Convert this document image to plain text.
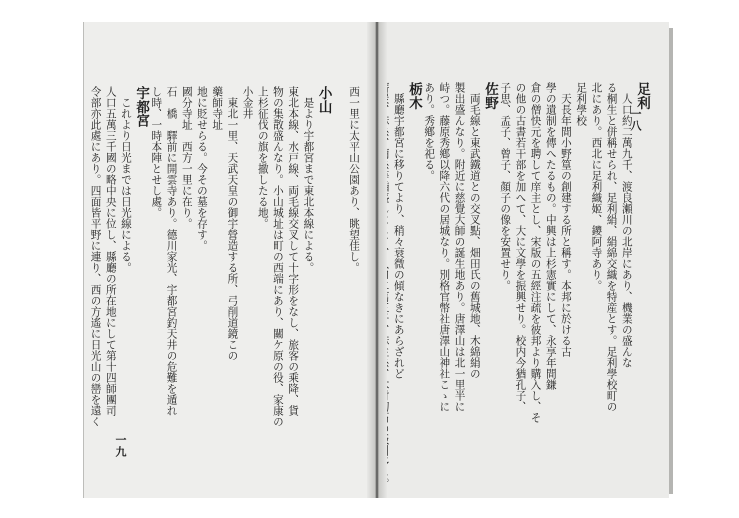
西一里に太平山公園あり、眺望佳し。

小山
　是より宇都宮まで東北本線による。
東北本線、水戸線、両毛線交叉して十字形をなし、旅客の乘降、貨
物の集散盛んなり。小山城址は町の西端にあり、關ケ原の役、家康の
上杉征伐の旗を撤したる地。
小金井
　東北一里、天武天皇の御宇營造する所、弓削道鏡この
藥師寺址
地に貶せらる。今その墓を存す。
國分寺址　西方一里に在り。
石　橋　驛前に開雲寺あり。德川家光、宇都宮釣天井の危難を遁れ
し時、一時本陣とせし處。
宇都宮
　これより日光までは日光線による。
人口五萬三千國の略中央に位し、縣廳の所在地にして第十四師團司
令部亦此處にあり。四面皆平野に連り、西の方遙に日光山の巒を遠く
一九
足利
　人口約二萬九千、渡良瀬川の北岸にあり、機業の盛んな
る桐生と併稱せられ、足利絹、絹綿交織を特産とす。足利學校町の
北にあり。西北に足利織姬、鑁阿寺あり。
足利學校
　天長年間小野篁の創建する所と稱す。本邦に於ける古
學の遺制を傳へたるもの。中興は上杉憲實にして、永享年間鎌
倉の僧快元を聘して庠主とし、宋版の五經注疏を彼邦より購入し、そ
の他の古書若干部を加へて、大に文學を振興せり。校内今猶孔子、
子思、孟子、曾子、顏子の像を安置せり。
佐野
　両毛線と東武鐵道との交叉點、畑田氏の舊城地、木綿絹の
製出盛んなり。附近に慈覺大師の誕生地あり。唐澤山は北一里半に
峙つ。藤原秀鄕以降六代の居城なり。別格官幣社唐澤山神社こゝに
あり。秀鄕を祀る。
栃木
　縣廳宇都宮に移りてより、稍々衰微の傾なきにあらざれど	一八
